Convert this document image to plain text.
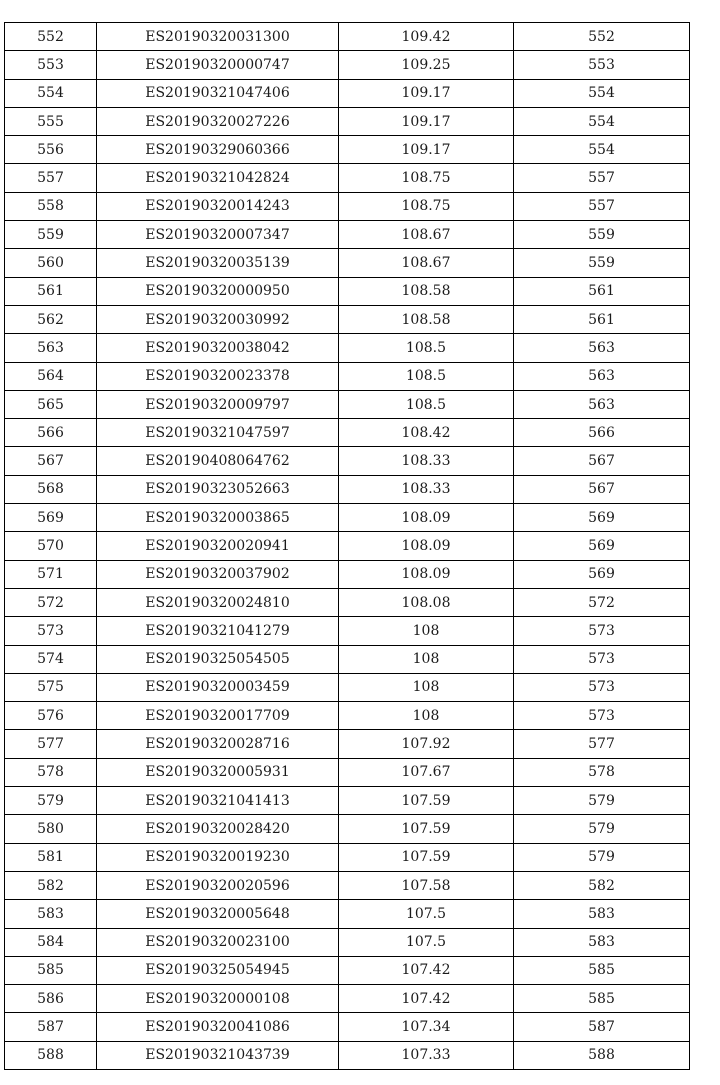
552	ES20190320031300	109.42	552
553	ES20190320000747	109.25	553
554	ES20190321047406	109.17	554
555	ES20190320027226	109.17	554
556	ES20190329060366	109.17	554
557	ES20190321042824	108.75	557
558	ES20190320014243	108.75	557
559	ES20190320007347	108.67	559
560	ES20190320035139	108.67	559
561	ES20190320000950	108.58	561
562	ES20190320030992	108.58	561
563	ES20190320038042	108.5	563
564	ES20190320023378	108.5	563
565	ES20190320009797	108.5	563
566	ES20190321047597	108.42	566
567	ES20190408064762	108.33	567
568	ES20190323052663	108.33	567
569	ES20190320003865	108.09	569
570	ES20190320020941	108.09	569
571	ES20190320037902	108.09	569
572	ES20190320024810	108.08	572
573	ES20190321041279	108	573
574	ES20190325054505	108	573
575	ES20190320003459	108	573
576	ES20190320017709	108	573
577	ES20190320028716	107.92	577
578	ES20190320005931	107.67	578
579	ES20190321041413	107.59	579
580	ES20190320028420	107.59	579
581	ES20190320019230	107.59	579
582	ES20190320020596	107.58	582
583	ES20190320005648	107.5	583
584	ES20190320023100	107.5	583
585	ES20190325054945	107.42	585
586	ES20190320000108	107.42	585
587	ES20190320041086	107.34	587
588	ES20190321043739	107.33	588
